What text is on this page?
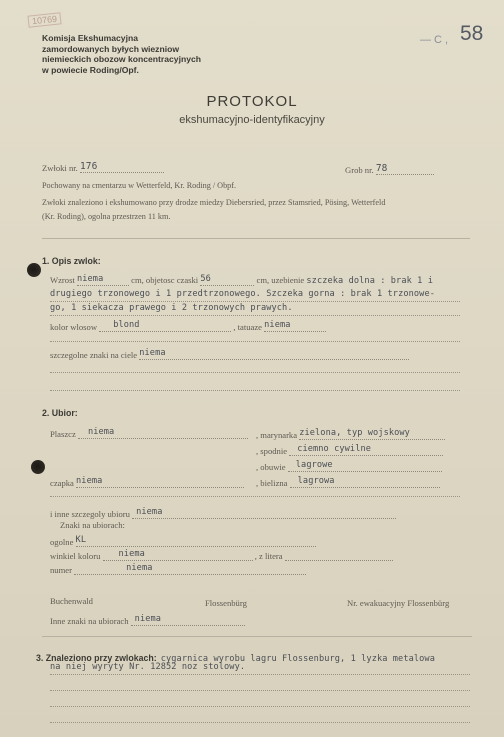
10769
— C , 58
Komisja Ekshumacyjna
zamordowanych byłych wiezniow
niemieckich obozow koncentracyjnych
w powiecie Roding/Opf.
PROTOKOL
ekshumacyjno-identyfikacyjny
Zwłoki nr. 176	Grob nr. 78
Pochowany na cmentarzu w Wetterfeld, Kr. Roding / Obpf.
Zwłoki znaleziono i ekshumowano przy drodze miedzy Diebersried, przez Stamsried, Pösing, Wetterfeld
(Kr. Roding), ogolna przestrzen 11 km.
1. Opis zwlok:
Wzrost niema	cm, objetosc czaski 56	cm, uzebienie szczeka dolna : brak 1 i
drugiego trzonowego i 1 przedtrzonowego. Szczeka gorna : brak 1 trzonowe-
go, 1 siekacza prawego i 2 trzonowych prawych.
kolor wlosow blond	, tatuaze niema
szczegolne znaki na ciele niema
2. Ubior:
Plaszcz niema	, marynarka zielona, typ wojskowy
, spodnie ciemno cywilne
, obuwie lagrowe
czapka niema	, bielizna lagrowa
i inne szczegoly ubioru niema
Znaki na ubiorach:
ogolne KL
winkiel koloru niema	, z litera
numer	niema
Buchenwald	Flossenbürg	Nr. ewakuacyjny Flossenbürg
Inne znaki na ubiorach niema
3. Znaleziono przy zwlokach: cygarnica wyrobu lagru Flossenburg, 1 lyzka metalowa
na niej wyryty Nr. 12852 noz stolowy.
